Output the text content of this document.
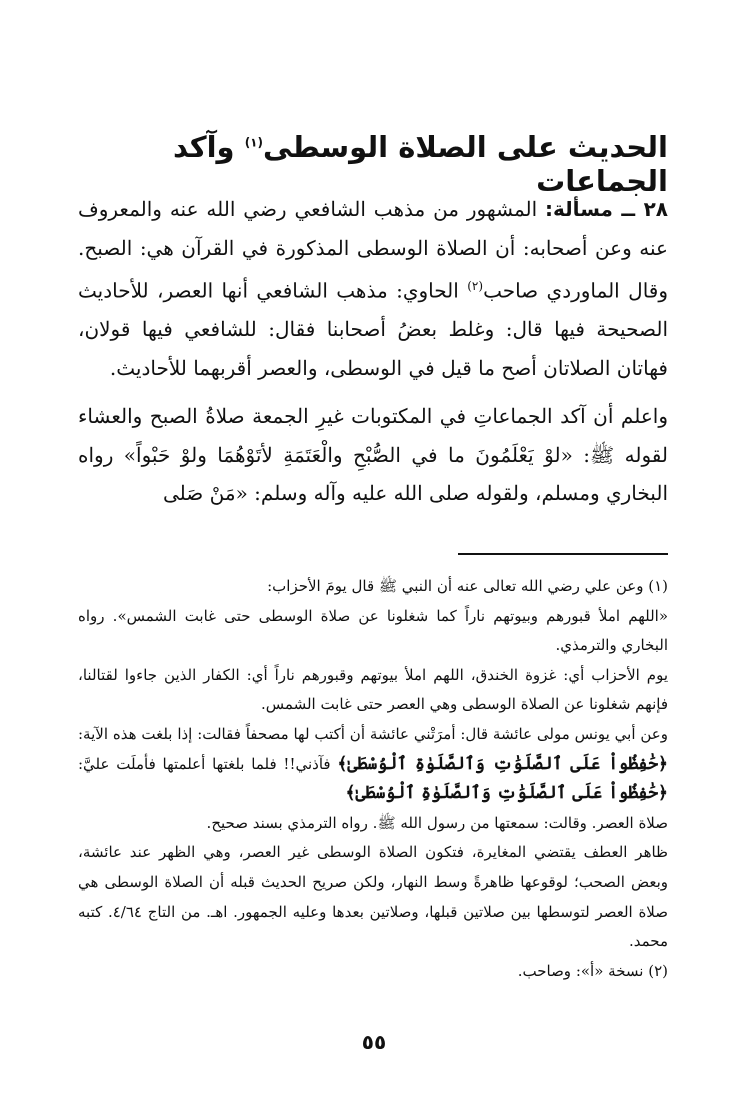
الحديث على الصلاة الوسطى$^{(١)}$ وآكد الجماعات

٢٨ ــ مسألة: المشهور من مذهب الشافعي رضي الله عنه والمعروف عنه وعن أصحابه: أن الصلاة الوسطى المذكورة في القرآن هي: الصبح. وقال الماوردي صاحب$^{(٢)}$ الحاوي: مذهب الشافعي أنها العصر، للأحاديث الصحيحة فيها قال: وغلط بعضُ أصحابنا فقال: للشافعي فيها قولان، فهاتان الصلاتان أصح ما قيل في الوسطى، والعصر أقربهما للأحاديث.

واعلم أن آكد الجماعاتِ في المكتوبات غيرِ الجمعة صلاةُ الصبح والعشاء لقوله ﷺ: «لوْ يَعْلَمُونَ ما في الصُّبْحِ والْعَتَمَةِ لأتَوْهُمَا ولوْ حَبْواً» رواه البخاري ومسلم، ولقوله صلى الله عليه وآله وسلم: «مَنْ صَلى

(١) وعن علي رضي الله تعالى عنه أن النبي ﷺ قال يومَ الأحزاب:

«اللهم املأ قبورهم وبيوتهم ناراً كما شغلونا عن صلاة الوسطى حتى غابت الشمس». رواه البخاري والترمذي.

يوم الأحزاب أي: غزوة الخندق، اللهم املأ بيوتهم وقبورهم ناراً أي: الكفار الذين جاءوا لقتالنا، فإنهم شغلونا عن الصلاة الوسطى وهي العصر حتى غابت الشمس.

وعن أبي يونس مولى عائشة قال: أمرَتْني عائشة أن أكتب لها مصحفاً فقالت: إذا بلغت هذه الآية: ﴿حَٰفِظُواْ عَلَى ٱلصَّلَوَٰتِ وَٱلصَّلَوٰةِ ٱلْوُسْطَىٰ﴾ فآذني!! فلما بلغتها أعلمتها فأملَت عليَّ: ﴿حَٰفِظُواْ عَلَى ٱلصَّلَوَٰتِ وَٱلصَّلَوٰةِ ٱلْوُسْطَىٰ﴾

صلاة العصر. وقالت: سمعتها من رسول الله ﷺ. رواه الترمذي بسند صحيح.

ظاهر العطف يقتضي المغايرة، فتكون الصلاة الوسطى غير العصر، وهي الظهر عند عائشة، وبعض الصحب؛ لوقوعها ظاهرةً وسط النهار، ولكن صريح الحديث قبله أن الصلاة الوسطى هي صلاة العصر لتوسطها بين صلاتين قبلها، وصلاتين بعدها وعليه الجمهور. اهـ. من التاج ٤/٦٤. كتبه محمد.

(٢) نسخة «أ»: وصاحب.

٥٥
